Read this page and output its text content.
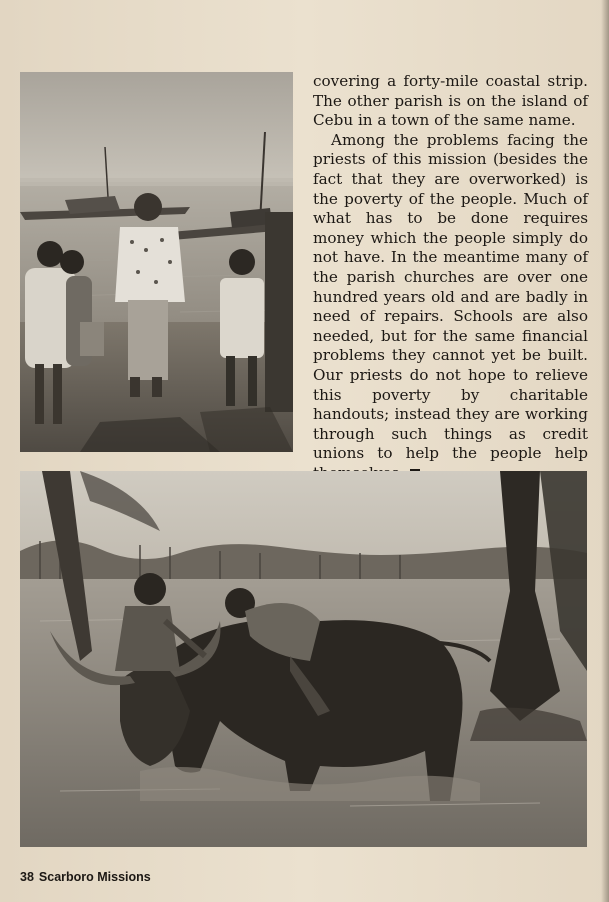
covering a forty-mile coastal strip. The other parish is on the island of Cebu in a town of the same name.

Among the problems facing the priests of this mission (besides the fact that they are overworked) is the poverty of the people. Much of what has to be done requires money which the people simply do not have. In the meantime many of the parish churches are over one hundred years old and are badly in need of repairs. Schools are also needed, but for the same financial problems they cannot yet be built. Our priests do not hope to relieve this poverty by charitable handouts; instead they are working through such things as credit unions to help the people help

38 Scarboro Missions
